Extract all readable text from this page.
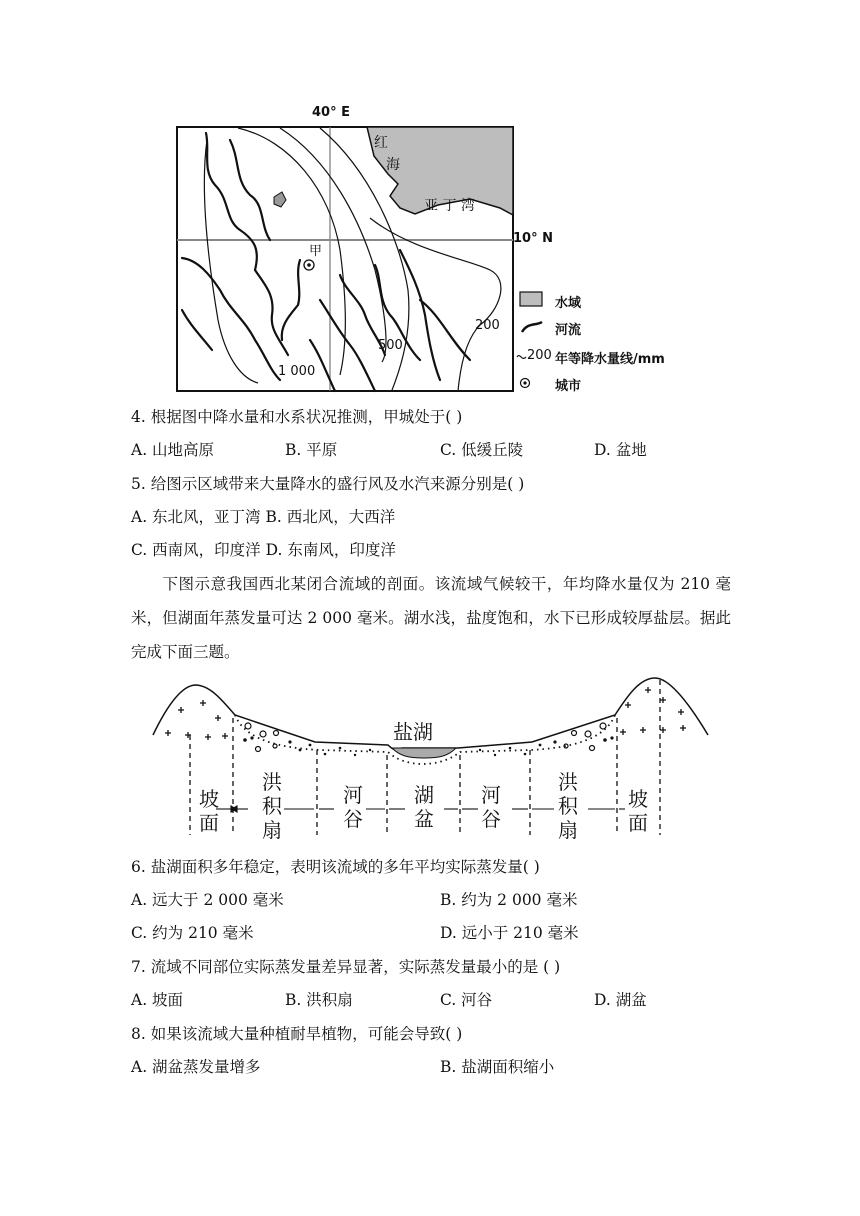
40° E
10° N
红
海
亚 丁 湾
甲
1 000
500
200
水域
河流
200 年等降水量线/mm
城市
4. 根据图中降水量和水系状况推测，甲城处于( )
A. 山地高原	B. 平原	C. 低缓丘陵	D. 盆地
5. 给图示区域带来大量降水的盛行风及水汽来源分别是( )
A. 东北风，亚丁湾 B. 西北风，大西洋
C. 西南风，印度洋 D. 东南风，印度洋
下图示意我国西北某闭合流域的剖面。该流域气候较干，年均降水量仅为 210 毫米，但湖面年蒸发量可达 2 000 毫米。湖水浅，盐度饱和，水下已形成较厚盐层。据此完成下面三题。
盐湖
坡面
洪积扇
河谷
湖盆
河谷
洪积扇
坡面
6. 盐湖面积多年稳定，表明该流域的多年平均实际蒸发量( )
A. 远大于 2 000 毫米	B. 约为 2 000 毫米
C. 约为 210 毫米	D. 远小于 210 毫米
7. 流域不同部位实际蒸发量差异显著，实际蒸发量最小的是 ( )
A. 坡面	B. 洪积扇	C. 河谷	D. 湖盆
8. 如果该流域大量种植耐旱植物，可能会导致( )
A. 湖盆蒸发量增多	B. 盐湖面积缩小
